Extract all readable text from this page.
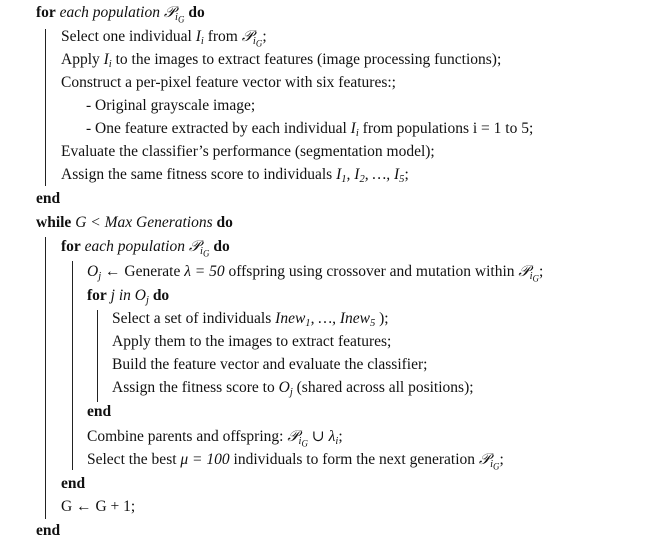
for each population 𝒫$_{i_G}$ do
Select one individual $I_i$ from 𝒫$_{i_G}$;
Apply $I_i$ to the images to extract features (image processing functions);
Construct a per-pixel feature vector with six features:;
- Original grayscale image;
- One feature extracted by each individual $I_i$ from populations i = 1 to 5;
Evaluate the classifier’s performance (segmentation model);
Assign the same fitness score to individuals $I_1$, $I_2$, …, $I_5$;
end
while G < Max Generations do
for each population 𝒫$_{i_G}$ do
$O_j$ ← Generate λ = 50 offspring using crossover and mutation within 𝒫$_{i_G}$;
for j in $O_j$ do
Select a set of individuals Inew$_1$, …, Inew$_5$ );
Apply them to the images to extract features;
Build the feature vector and evaluate the classifier;
Assign the fitness score to $O_j$ (shared across all positions);
end
Combine parents and offspring: 𝒫$_{i_G}$ ∪ $\lambda_i$;
Select the best μ = 100 individuals to form the next generation 𝒫$_{i_G}$;
end
G ← G + 1;
end
